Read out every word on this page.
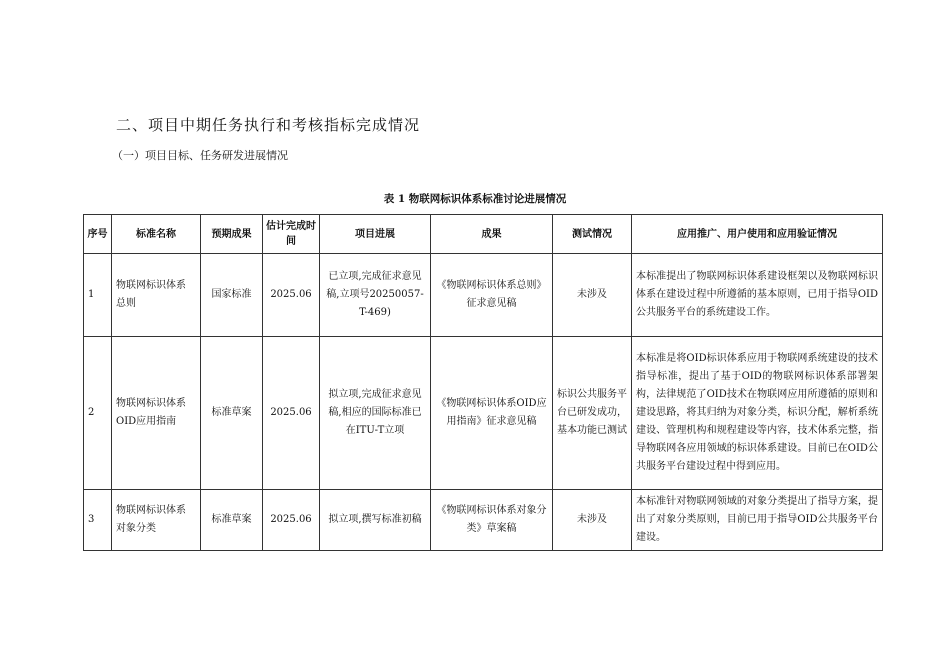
二、项目中期任务执行和考核指标完成情况
（一）项目目标、任务研发进展情况
表 1 物联网标识体系标准讨论进展情况
序号	标准名称	预期成果	估计完成时间	项目进展	成果	测试情况	应用推广、用户使用和应用验证情况
1	物联网标识体系 总则	国家标准	2025.06	已立项,完成征求意见稿,立项号20250057-T-469)	《物联网标识体系总则》征求意见稿	未涉及	本标准提出了物联网标识体系建设框架以及物联网标识体系在建设过程中所遵循的基本原则，已用于指导OID公共服务平台的系统建设工作。
2	物联网标识体系 OID应用指南	标准草案	2025.06	拟立项,完成征求意见稿,相应的国际标准已在ITU-T立项	《物联网标识体系OID应用指南》征求意见稿	标识公共服务平台已研发成功，基本功能已测试	本标准是将OID标识体系应用于物联网系统建设的技术指导标准，提出了基于OID的物联网标识体系部署架构，法律规范了OID技术在物联网应用所遵循的原则和建设思路，将其归纳为对象分类，标识分配，解析系统建设、管理机构和规程建设等内容，技术体系完整，指导物联网各应用领域的标识体系建设。目前已在OID公共服务平台建设过程中得到应用。
3	物联网标识体系 对象分类	标准草案	2025.06	拟立项,撰写标准初稿	《物联网标识体系对象分类》草案稿	未涉及	本标准针对物联网领域的对象分类提出了指导方案，提出了对象分类原则，目前已用于指导OID公共服务平台建设。
